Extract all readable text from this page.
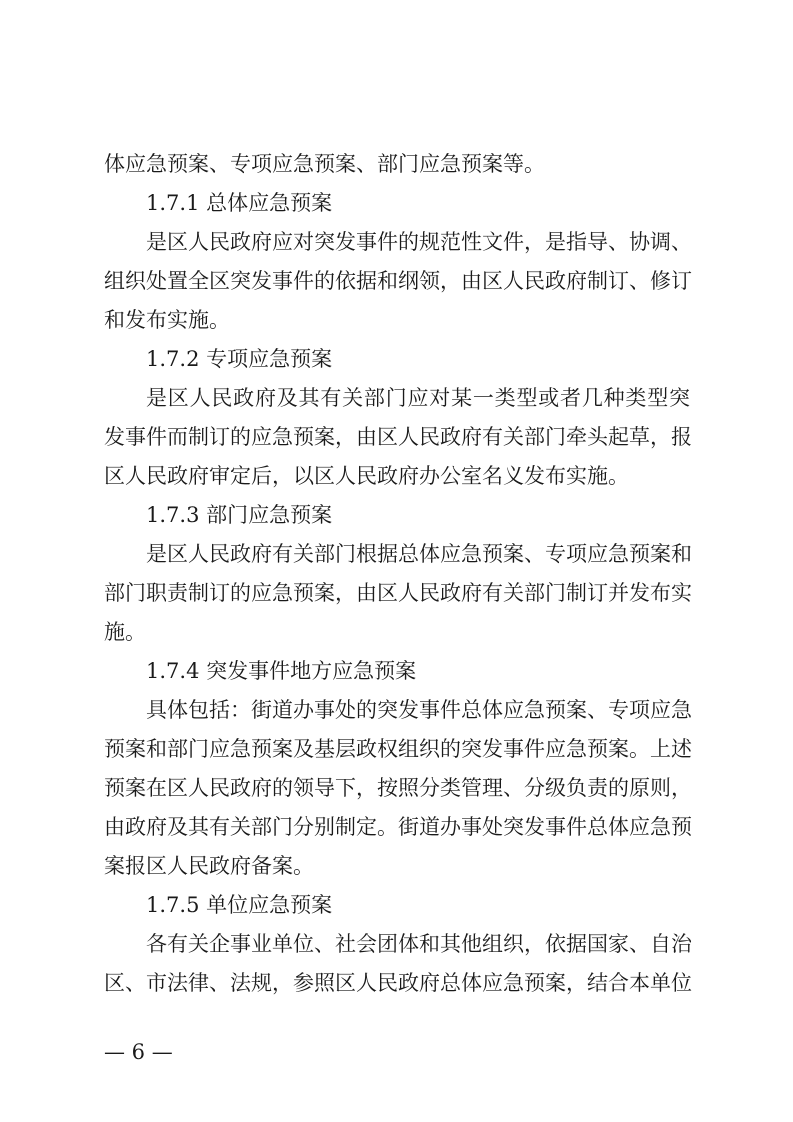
体应急预案、专项应急预案、部门应急预案等。
1.7.1 总体应急预案
是区人民政府应对突发事件的规范性文件，是指导、协调、
组织处置全区突发事件的依据和纲领，由区人民政府制订、修订
和发布实施。
1.7.2 专项应急预案
是区人民政府及其有关部门应对某一类型或者几种类型突
发事件而制订的应急预案，由区人民政府有关部门牵头起草，报
区人民政府审定后，以区人民政府办公室名义发布实施。
1.7.3 部门应急预案
是区人民政府有关部门根据总体应急预案、专项应急预案和
部门职责制订的应急预案，由区人民政府有关部门制订并发布实
施。
1.7.4 突发事件地方应急预案
具体包括：街道办事处的突发事件总体应急预案、专项应急
预案和部门应急预案及基层政权组织的突发事件应急预案。上述
预案在区人民政府的领导下，按照分类管理、分级负责的原则，
由政府及其有关部门分别制定。街道办事处突发事件总体应急预
案报区人民政府备案。
1.7.5 单位应急预案
各有关企事业单位、社会团体和其他组织，依据国家、自治
区、市法律、法规，参照区人民政府总体应急预案，结合本单位
— 6 —
